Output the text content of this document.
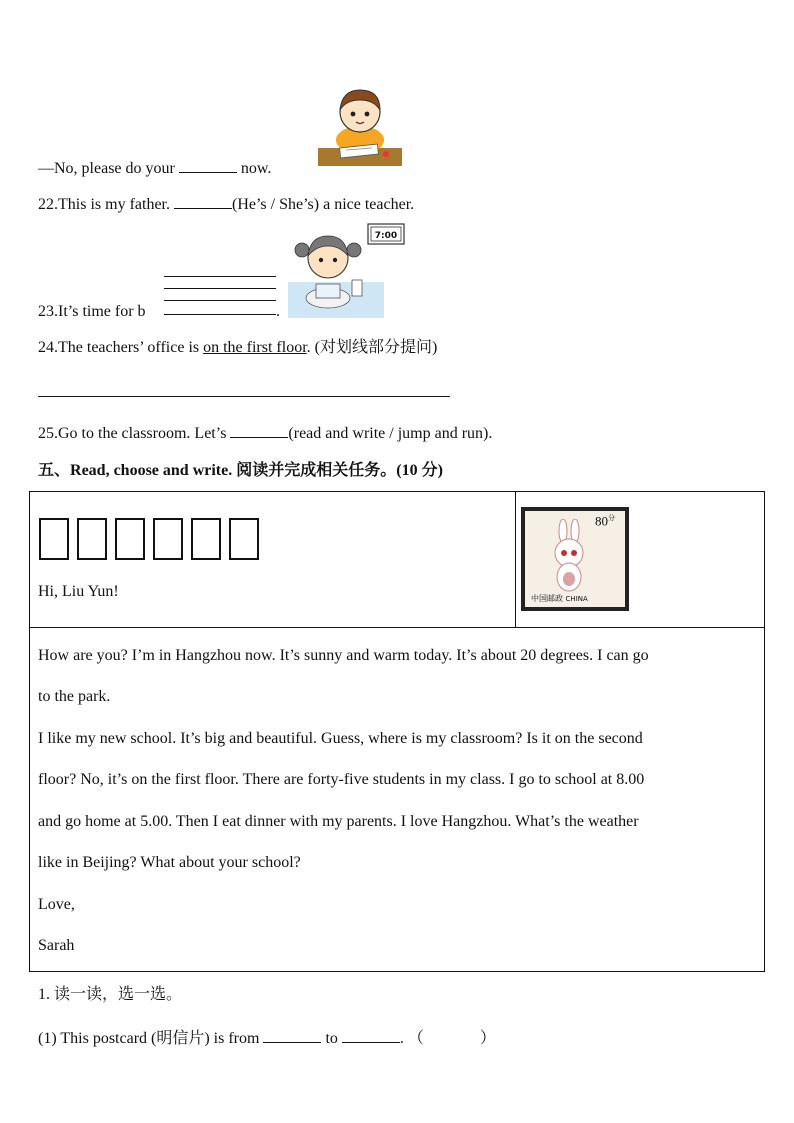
—No, please do your	now.
22.This is my father.	(He’s / She’s) a nice teacher.
7:00
23.It’s time for b	.
24.The teachers’ office is on the first floor. (对划线部分提问)
25.Go to the classroom. Let’s	(read and write / jump and run).
五、Read, choose and write. 阅读并完成相关任务。(10 分)
Hi, Liu Yun!
$80^分$
中国邮政 CHINA
How are you? I’m in Hangzhou now. It’s sunny and warm today. It’s about 20 degrees. I can go
to the park.
I like my new school. It’s big and beautiful. Guess, where is my classroom? Is it on the second
floor? No, it’s on the first floor. There are forty-five students in my class. I go to school at 8.00
and go home at 5.00. Then I eat dinner with my parents. I love Hangzhou. What’s the weather
like in Beijing? What about your school?
Love,
Sarah
1. 读一读，选一选。
(1) This postcard (明信片) is from	to	. （	）
